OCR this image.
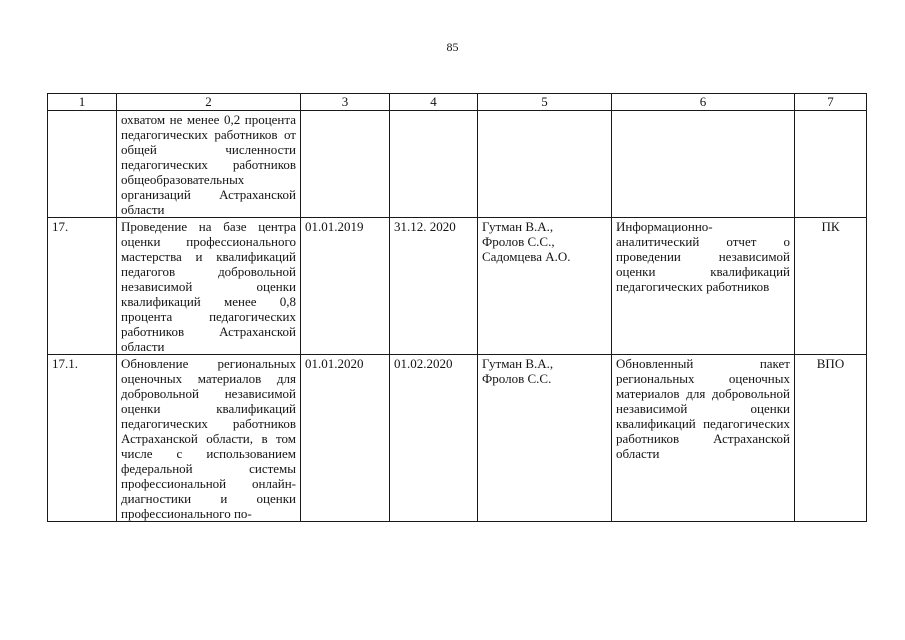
85
1	2	3	4	5	6	7
	охватом не менее 0,2 процента педагогических работников от общей численности педагогических работников общеобразовательных организаций Астраханской области					
17.	Проведение на базе центра оценки профессионального мастерства и квалификаций педагогов добровольной независимой оценки квалификаций менее 0,8 процента педагогических работников Астраханской области	01.01.2019	31.12. 2020	Гутман В.А.,
Фролов С.С.,
Садомцева А.О.	Информационно-аналитический отчет о проведении независимой оценки квалификаций педагогических работников	ПК
17.1.	Обновление региональных оценочных материалов для добровольной независимой оценки квалификаций педагогических работников Астраханской области, в том числе с использованием федеральной системы профессиональной онлайн-диагностики и оценки профессионального по-	01.01.2020	01.02.2020	Гутман В.А.,
Фролов С.С.	Обновленный пакет региональных оценочных материалов для добровольной независимой оценки квалификаций педагогических работников Астраханской области	ВПО
